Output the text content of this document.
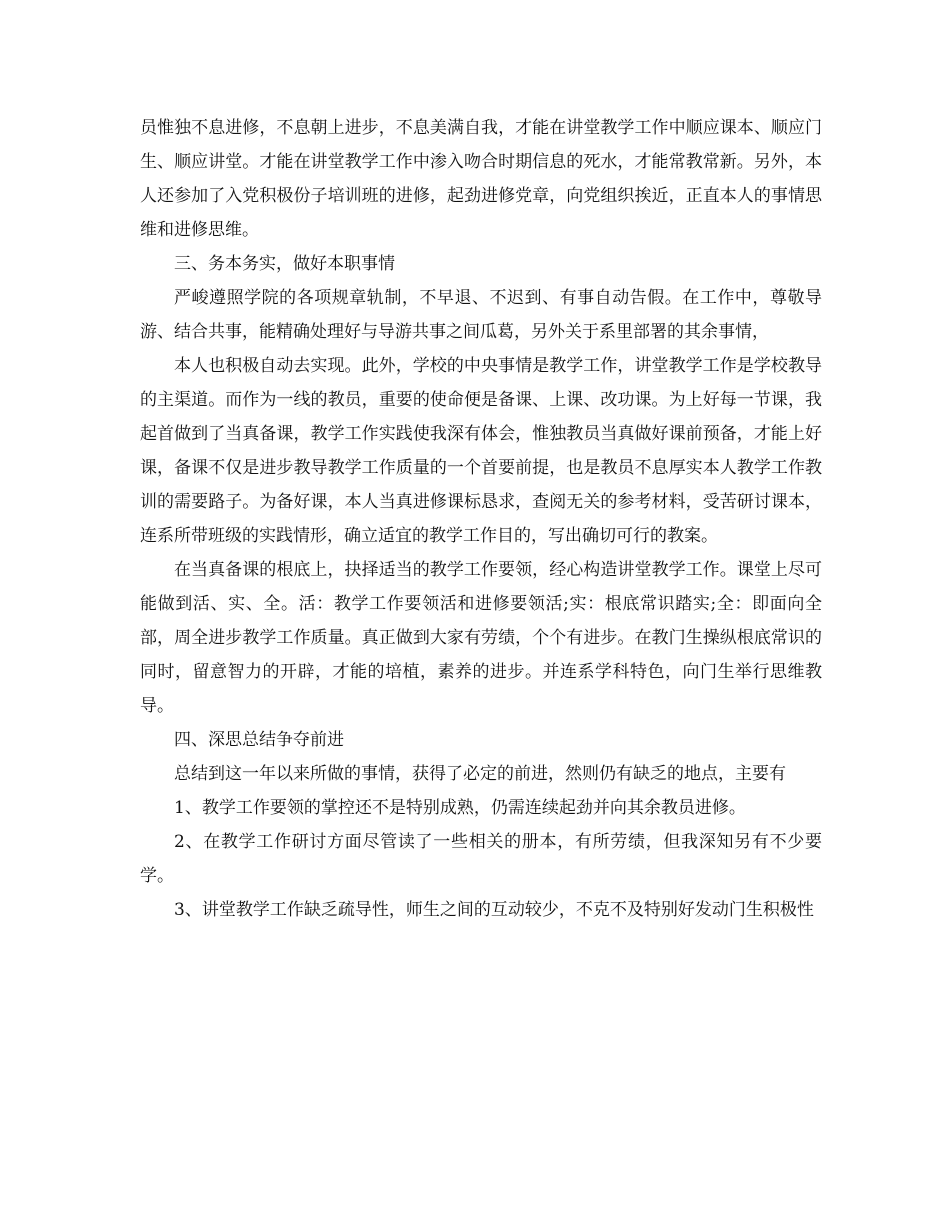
员惟独不息进修，不息朝上进步，不息美满自我，才能在讲堂教学工作中顺应课本、顺应门生、顺应讲堂。才能在讲堂教学工作中渗入吻合时期信息的死水，才能常教常新。另外，本人还参加了入党积极份子培训班的进修，起劲进修党章，向党组织挨近，正直本人的事情思维和进修思维。

三、务本务实，做好本职事情

严峻遵照学院的各项规章轨制，不早退、不迟到、有事自动告假。在工作中，尊敬导游、结合共事，能精确处理好与导游共事之间瓜葛，另外关于系里部署的其余事情，

本人也积极自动去实现。此外，学校的中央事情是教学工作，讲堂教学工作是学校教导的主渠道。而作为一线的教员，重要的使命便是备课、上课、改功课。为上好每一节课，我起首做到了当真备课，教学工作实践使我深有体会，惟独教员当真做好课前预备，才能上好课，备课不仅是进步教导教学工作质量的一个首要前提，也是教员不息厚实本人教学工作教训的需要路子。为备好课，本人当真进修课标恳求，查阅无关的参考材料，受苦研讨课本，连系所带班级的实践情形，确立适宜的教学工作目的，写出确切可行的教案。

在当真备课的根底上，抉择适当的教学工作要领，经心构造讲堂教学工作。课堂上尽可能做到活、实、全。活：教学工作要领活和进修要领活;实：根底常识踏实;全：即面向全部，周全进步教学工作质量。真正做到大家有劳绩，个个有进步。在教门生操纵根底常识的同时，留意智力的开辟，才能的培植，素养的进步。并连系学科特色，向门生举行思维教导。

四、深思总结争夺前进

总结到这一年以来所做的事情，获得了必定的前进，然则仍有缺乏的地点，主要有

1、教学工作要领的掌控还不是特别成熟，仍需连续起劲并向其余教员进修。

2、在教学工作研讨方面尽管读了一些相关的册本，有所劳绩，但我深知另有不少要学。

3、讲堂教学工作缺乏疏导性，师生之间的互动较少，不克不及特别好发动门生积极性
